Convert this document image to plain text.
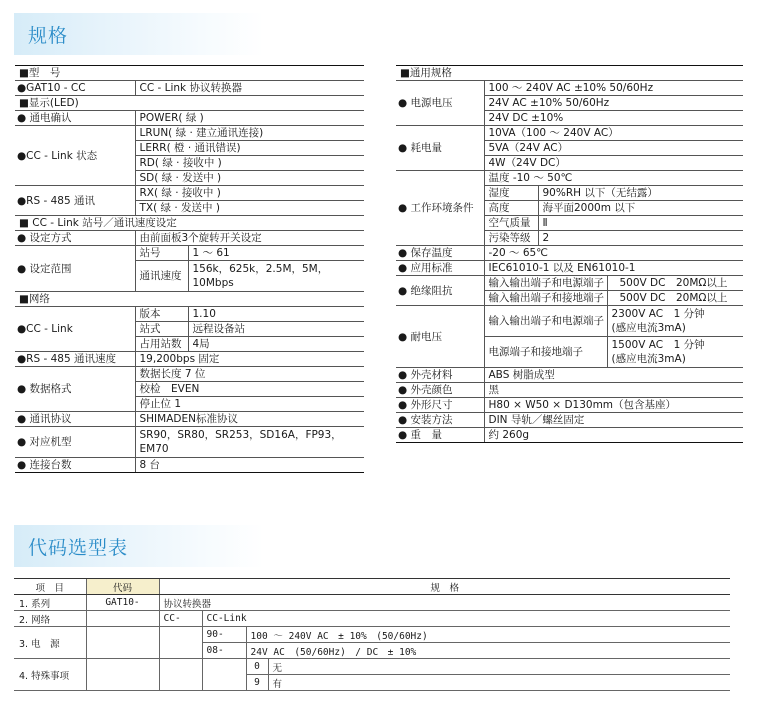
规格
■型　号		
●GAT10 - CC	CC - Link 协议转换器	
■显示(LED)		
● 通电确认	POWER( 绿 )	
●CC - Link 状态	LRUN( 绿 · 建立通讯连接)	
	LERR( 橙 · 通讯错误)	
	RD( 绿 · 接收中 )	
	SD( 绿 · 发送中 )	
●RS - 485 通讯	RX( 绿 · 接收中 )	
	TX( 绿 · 发送中 )	
■ CC - Link 站号／通讯速度设定		
● 设定方式	由前面板3个旋转开关设定	
● 设定范围	站号	1 ～ 61
	通讯速度	156k，625k，2.5M，5M，10Mbps
■网络		
●CC - Link	版本	1.10
	站式	远程设备站
	占用站数	4局
●RS - 485 通讯速度	19,200bps 固定	
● 数据格式	数据长度 7 位	
	校检　EVEN	
	停止位 1	
● 通讯协议	SHIMADEN标准协议	
● 对应机型	SR90，SR80，SR253，SD16A，FP93，EM70	
● 连接台数	8 台	
■通用规格		
● 电源电压	100 ～ 240V AC ±10% 50/60Hz	
	24V AC ±10% 50/60Hz	
	24V DC ±10%	
● 耗电量	10VA（100 ～ 240V AC）	
	5VA（24V AC）	
	4W（24V DC）	
● 工作环境条件	温度 -10 ～ 50℃	
	湿度	90%RH 以下（无结露）
	高度	海平面2000m 以下
	空气质量	Ⅱ
	污染等级	2
● 保存温度	-20 ～ 65℃	
● 应用标准	IEC61010-1 以及 EN61010-1	
● 绝缘阻抗	输入输出端子和电源端子 500V DC　20MΩ以上	

	输入输出端子和接地端子 500V DC　20MΩ以上	

● 耐电压	输入输出端子和电源端子
2300V AC　1 分钟
(感应电流3mA)	

	电源端子和接地端子
1500V AC　1 分钟
(感应电流3mA)	

● 外壳材料	ABS 树脂成型	
● 外壳颜色	黑	
● 外形尺寸	H80 × W50 × D130mm（包含基座）	
● 安装方法	DIN 导轨／螺丝固定	
● 重　量	约 260g	
代码选型表
项　目	代码	规　格			
1. 系列	GAT10-	协议转换器			
2. 网络		CC-	CC-Link		
3. 电　源			90-	100 ～ 240V AC　± 10%　(50/60Hz)	
			08-	24V AC　(50/60Hz)　/ DC　± 10%	
4. 特殊事项				0	无
				9	有
